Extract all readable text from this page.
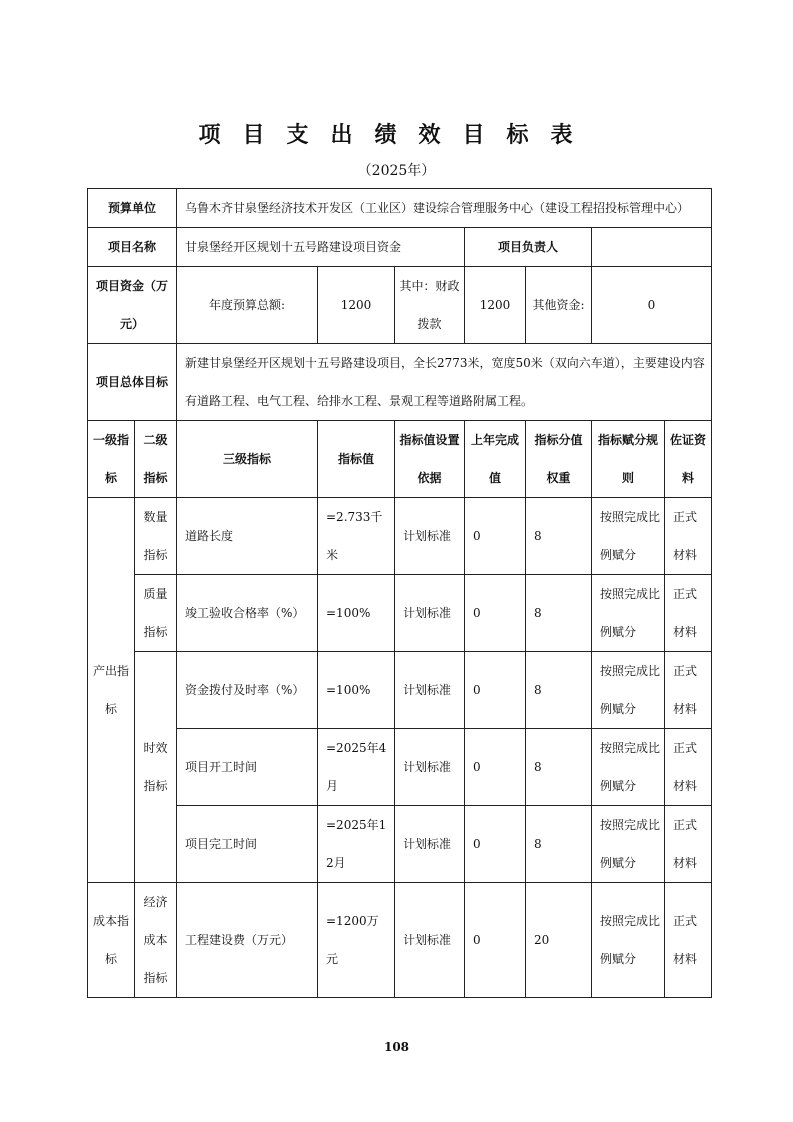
项目支出绩效目标表
（2025年）
预算单位		乌鲁木齐甘泉堡经济技术开发区（工业区）建设综合管理服务中心（建设工程招投标管理中心）						
项目名称		甘泉堡经开区规划十五号路建设项目资金			项目负责人			
项目资金（万元）		年度预算总额:	1200	其中：财政拨款	1200	其他资金:	0	
项目总体目标		新建甘泉堡经开区规划十五号路建设项目，全长2773米，宽度50米（双向六车道），主要建设内容有道路工程、电气工程、给排水工程、景观工程等道路附属工程。						
一级指标	二级指标	三级指标	指标值	指标值设置依据	上年完成值	指标分值权重	指标赋分规则	佐证资料
产出指标	数量指标	道路长度	=2.733千米	计划标准	0	8	按照完成比例赋分	正式材料
	质量指标	竣工验收合格率（%）	=100%	计划标准	0	8	按照完成比例赋分	正式材料
	时效指标	资金拨付及时率（%）	=100%	计划标准	0	8	按照完成比例赋分	正式材料
		项目开工时间	=2025年4月	计划标准	0	8	按照完成比例赋分	正式材料
		项目完工时间	=2025年12月	计划标准	0	8	按照完成比例赋分	正式材料
成本指标	经济成本指标	工程建设费（万元）	=1200万元	计划标准	0	20	按照完成比例赋分	正式材料
108
